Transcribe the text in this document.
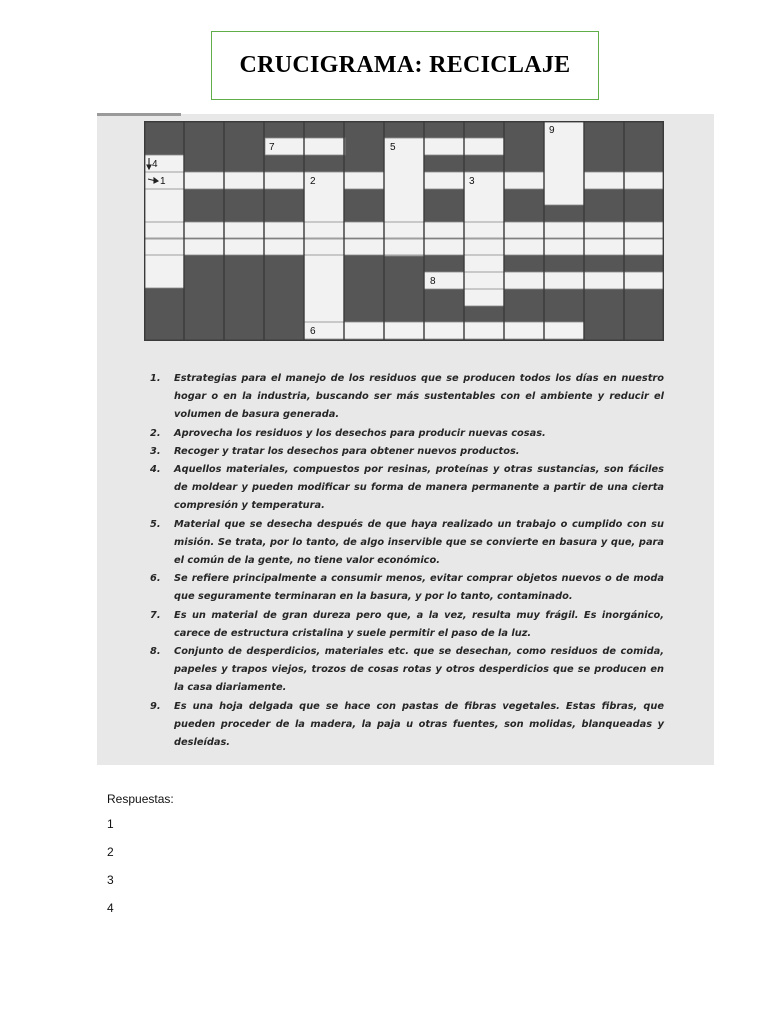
CRUCIGRAMA: RECICLAJE
4
1	2	3
7	5
9
8
6
1. Estrategias para el manejo de los residuos que se producen todos los días en nuestro hogar o en la industria, buscando ser más sustentables con el ambiente y reducir el volumen de basura generada.
2. Aprovecha los residuos y los desechos para producir nuevas cosas.
3. Recoger y tratar los desechos para obtener nuevos productos.
4. Aquellos materiales, compuestos por resinas, proteínas y otras sustancias, son fáciles de moldear y pueden modificar su forma de manera permanente a partir de una cierta compresión y temperatura.
5. Material que se desecha después de que haya realizado un trabajo o cumplido con su misión. Se trata, por lo tanto, de algo inservible que se convierte en basura y que, para el común de la gente, no tiene valor económico.
6. Se refiere principalmente a consumir menos, evitar comprar objetos nuevos o de moda que seguramente terminaran en la basura, y por lo tanto, contaminado.
7. Es un material de gran dureza pero que, a la vez, resulta muy frágil. Es inorgánico, carece de estructura cristalina y suele permitir el paso de la luz.
8. Conjunto de desperdicios, materiales etc. que se desechan, como residuos de comida, papeles y trapos viejos, trozos de cosas rotas y otros desperdicios que se producen en la casa diariamente.
9. Es una hoja delgada que se hace con pastas de fibras vegetales. Estas fibras, que pueden proceder de la madera, la paja u otras fuentes, son molidas, blanqueadas y desleídas.
Respuestas:
1
2
3
4
